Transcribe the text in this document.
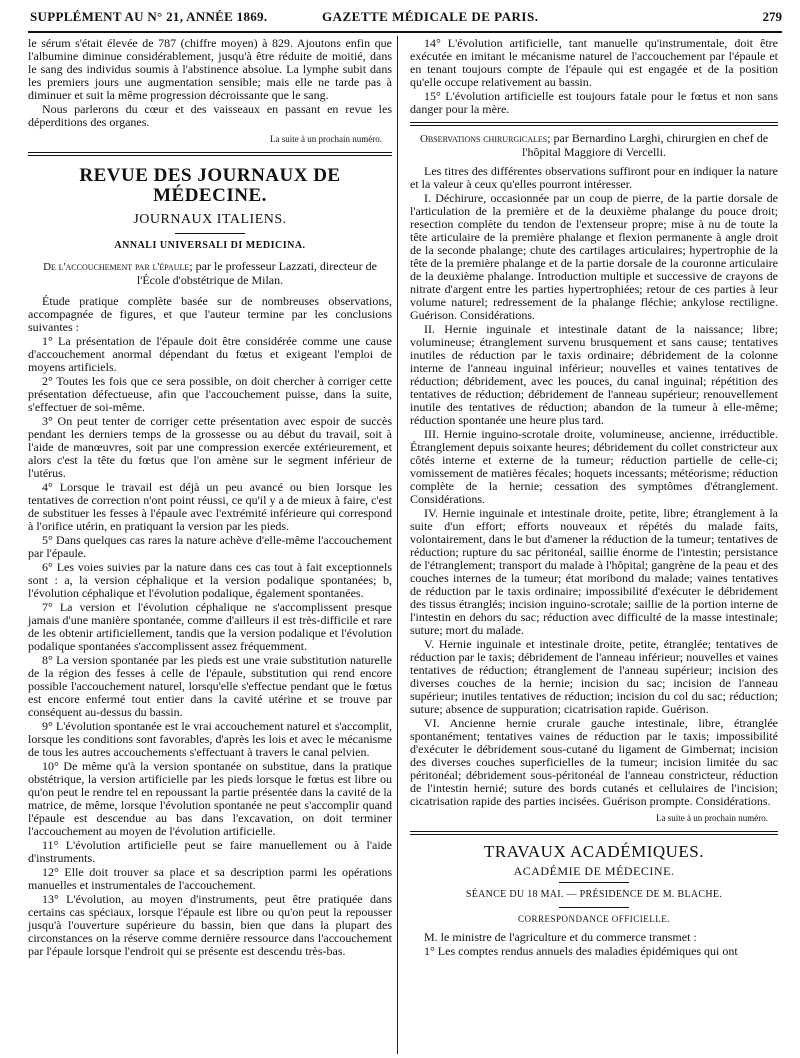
SUPPLÉMENT AU N° 21, ANNÉE 1869.	GAZETTE MÉDICALE DE PARIS.	279

le sérum s'était élevée de 787 (chiffre moyen) à 829. Ajoutons enfin que l'albumine diminue considérablement, jusqu'à être réduite de moitié, dans le sang des individus soumis à l'abstinence absolue. La lymphe subit dans les premiers jours une augmentation sensible; mais elle ne tarde pas à diminuer et suit la même progression décroissante que le sang.

Nous parlerons du cœur et des vaisseaux en passant en revue les déperditions des organes.

La suite à un prochain numéro.
REVUE DES JOURNAUX DE MÉDECINE.
JOURNAUX ITALIENS.
ANNALI UNIVERSALI DI MEDICINA.
De l'accouchement par l'épaule; par le professeur Lazzati, directeur de l'École d'obstétrique de Milan.

Étude pratique complète basée sur de nombreuses observations, accompagnée de figures, et que l'auteur termine par les conclusions suivantes :

1° La présentation de l'épaule doit être considérée comme une cause d'accouchement anormal dépendant du fœtus et exigeant l'emploi de moyens artificiels.

2° Toutes les fois que ce sera possible, on doit chercher à corriger cette présentation défectueuse, afin que l'accouchement puisse, dans la suite, s'effectuer de soi-même.

3° On peut tenter de corriger cette présentation avec espoir de succès pendant les derniers temps de la grossesse ou au début du travail, soit à l'aide de manœuvres, soit par une compression exercée extérieurement, et alors c'est la tête du fœtus que l'on amène sur le segment inférieur de l'utérus.

4° Lorsque le travail est déjà un peu avancé ou bien lorsque les tentatives de correction n'ont point réussi, ce qu'il y a de mieux à faire, c'est de substituer les fesses à l'épaule avec l'extrémité inférieure qui correspond à l'orifice utérin, en pratiquant la version par les pieds.

5° Dans quelques cas rares la nature achève d'elle-même l'accouchement par l'épaule.

6° Les voies suivies par la nature dans ces cas tout à fait exceptionnels sont : a, la version céphalique et la version podalique spontanées; b, l'évolution céphalique et l'évolution podalique, également spontanées.

7° La version et l'évolution céphalique ne s'accomplissent presque jamais d'une manière spontanée, comme d'ailleurs il est très-difficile et rare de les obtenir artificiellement, tandis que la version podalique et l'évolution podalique spontanées s'accomplissent assez fréquemment.

8° La version spontanée par les pieds est une vraie substitution naturelle de la région des fesses à celle de l'épaule, substitution qui rend encore possible l'accouchement naturel, lorsqu'elle s'effectue pendant que le fœtus est encore enfermé tout entier dans la cavité utérine et se trouve par conséquent au-dessus du bassin.

9° L'évolution spontanée est le vrai accouchement naturel et s'accomplit, lorsque les conditions sont favorables, d'après les lois et avec le mécanisme de tous les autres accouchements s'effectuant à travers le canal pelvien.

10° De même qu'à la version spontanée on substitue, dans la pratique obstétrique, la version artificielle par les pieds lorsque le fœtus est libre ou qu'on peut le rendre tel en repoussant la partie présentée dans la cavité de la matrice, de même, lorsque l'évolution spontanée ne peut s'accomplir quand l'épaule est descendue au bas dans l'excavation, on doit terminer l'accouchement au moyen de l'évolution artificielle.

11° L'évolution artificielle peut se faire manuellement ou à l'aide d'instruments.

12° Elle doit trouver sa place et sa description parmi les opérations manuelles et instrumentales de l'accouchement.

13° L'évolution, au moyen d'instruments, peut être pratiquée dans certains cas spéciaux, lorsque l'épaule est libre ou qu'on peut la repousser jusqu'à l'ouverture supérieure du bassin, bien que dans la plupart des circonstances on la réserve comme dernière ressource dans l'accouchement par l'épaule lorsque l'endroit qui se présente est descendu très-bas.

14° L'évolution artificielle, tant manuelle qu'instrumentale, doit être exécutée en imitant le mécanisme naturel de l'accouchement par l'épaule et en tenant toujours compte de l'épaule qui est engagée et de la position qu'elle occupe relativement au bassin.

15° L'évolution artificielle est toujours fatale pour le fœtus et non sans danger pour la mère.

Observations chirurgicales; par Bernardino Larghi, chirurgien en chef de l'hôpital Maggiore di Vercelli.

Les titres des différentes observations suffiront pour en indiquer la nature et la valeur à ceux qu'elles pourront intéresser.

I. Déchirure, occasionnée par un coup de pierre, de la partie dorsale de l'articulation de la première et de la deuxième phalange du pouce droit; resection complète du tendon de l'extenseur propre; mise à nu de toute la tête articulaire de la première phalange et flexion permanente à angle droit de la seconde phalange; chute des cartilages articulaires; hypertrophie de la tête de la première phalange et de la partie dorsale de la couronne articulaire de la deuxième phalange. Introduction multiple et successive de crayons de nitrate d'argent entre les parties hypertrophiées; retour de ces parties à leur volume naturel; redressement de la phalange fléchie; ankylose rectiligne. Guérison. Considérations.

II. Hernie inguinale et intestinale datant de la naissance; libre; volumineuse; étranglement survenu brusquement et sans cause; tentatives inutiles de réduction par le taxis ordinaire; débridement de la colonne interne de l'anneau inguinal inférieur; nouvelles et vaines tentatives de réduction; débridement, avec les pouces, du canal inguinal; répétition des tentatives de réduction; débridement de l'anneau supérieur; renouvellement inutile des tentatives de réduction; abandon de la tumeur à elle-même; réduction spontanée une heure plus tard.

III. Hernie inguino-scrotale droite, volumineuse, ancienne, irréductible. Étranglement depuis soixante heures; débridement du collet constricteur aux côtés interne et externe de la tumeur; réduction partielle de celle-ci; vomissement de matières fécales; hoquets incessants; météorisme; réduction complète de la hernie; cessation des symptômes d'étranglement. Considérations.

IV. Hernie inguinale et intestinale droite, petite, libre; étranglement à la suite d'un effort; efforts nouveaux et répétés du malade faits, volontairement, dans le but d'amener la réduction de la tumeur; tentatives de réduction; rupture du sac péritonéal, saillie énorme de l'intestin; persistance de l'étranglement; transport du malade à l'hôpital; gangrène de la peau et des couches internes de la tumeur; état moribond du malade; vaines tentatives de réduction par le taxis ordinaire; impossibilité d'exécuter le débridement des tissus étranglés; incision inguino-scrotale; saillie de la portion interne de l'intestin en dehors du sac; réduction avec difficulté de la masse intestinale; suture; mort du malade.

V. Hernie inguinale et intestinale droite, petite, étranglée; tentatives de réduction par le taxis; débridement de l'anneau inférieur; nouvelles et vaines tentatives de réduction; étranglement de l'anneau supérieur; incision des diverses couches de la hernie; incision du sac; incision de l'anneau supérieur; inutiles tentatives de réduction; incision du col du sac; réduction; suture; absence de suppuration; cicatrisation rapide. Guérison.

VI. Ancienne hernie crurale gauche intestinale, libre, étranglée spontanément; tentatives vaines de réduction par le taxis; impossibilité d'exécuter le débridement sous-cutané du ligament de Gimbernat; incision des diverses couches superficielles de la tumeur; incision limitée du sac péritonéal; débridement sous-péritonéal de l'anneau constricteur, réduction de l'intestin hernié; suture des bords cutanés et cellulaires de l'incision; cicatrisation rapide des parties incisées. Guérison prompte. Considérations.

La suite à un prochain numéro.
TRAVAUX ACADÉMIQUES.
ACADÉMIE DE MÉDECINE.
SÉANCE DU 18 MAI. — PRÉSIDENCE DE M. BLACHE.
CORRESPONDANCE OFFICIELLE.

M. le ministre de l'agriculture et du commerce transmet :

1° Les comptes rendus annuels des maladies épidémiques qui ont
